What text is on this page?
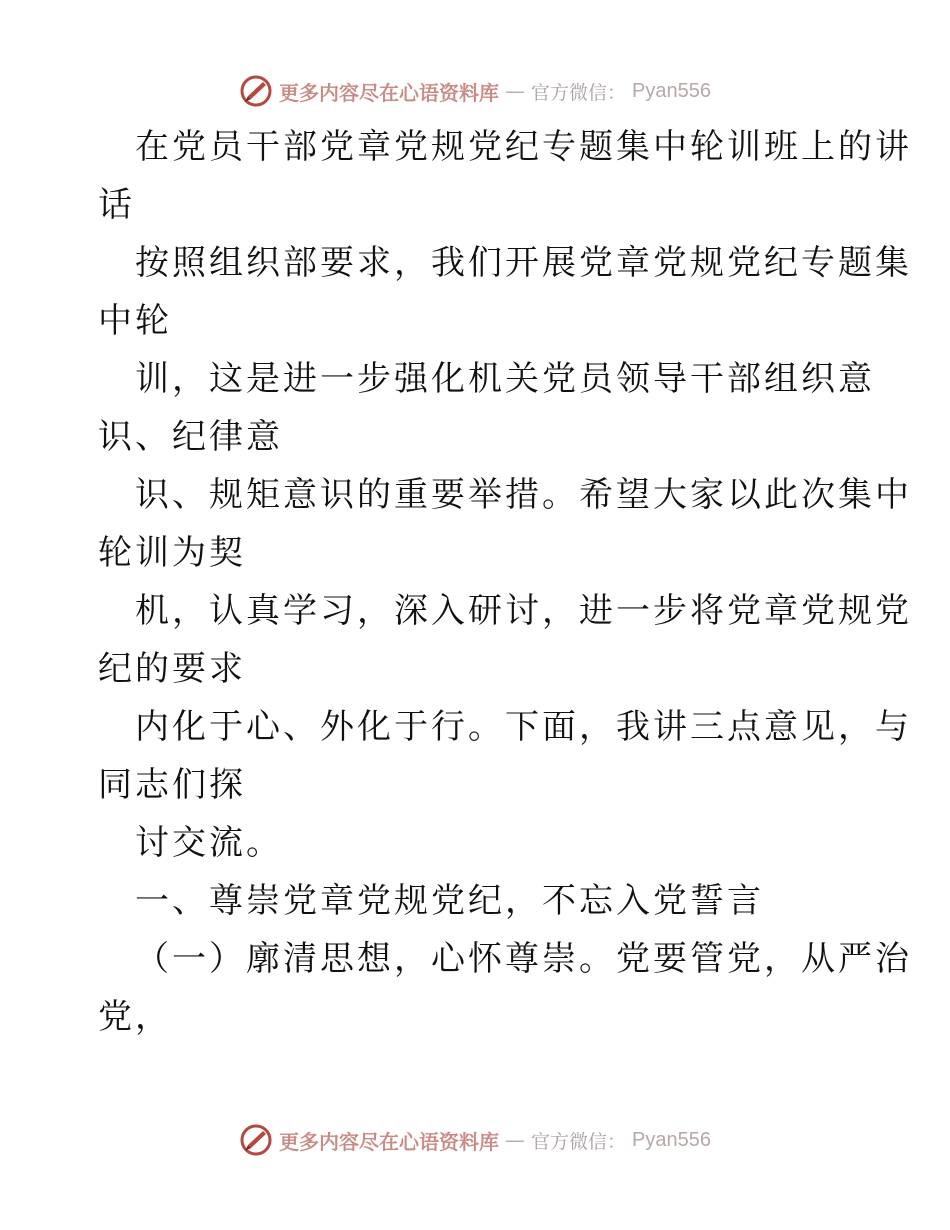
更多内容尽在心语资料库 — 官方微信： Pyan556
在党员干部党章党规党纪专题集中轮训班上的讲
话
按照组织部要求，我们开展党章党规党纪专题集
中轮
训，这是进一步强化机关党员领导干部组织意
识、纪律意
识、规矩意识的重要举措。希望大家以此次集中
轮训为契
机，认真学习，深入研讨，进一步将党章党规党
纪的要求
内化于心、外化于行。下面，我讲三点意见，与
同志们探
讨交流。
一、尊崇党章党规党纪，不忘入党誓言
（一）廓清思想，心怀尊崇。党要管党，从严治
党，
更多内容尽在心语资料库 — 官方微信： Pyan556
